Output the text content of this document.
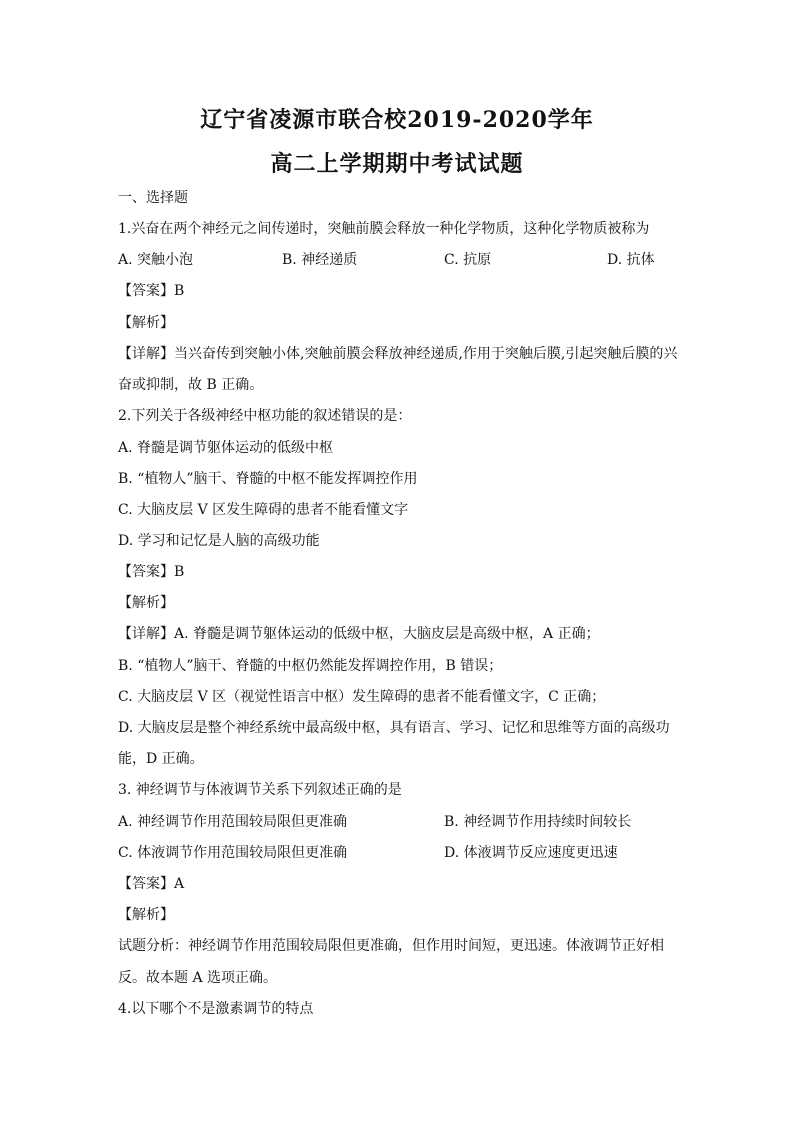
辽宁省凌源市联合校2019-2020学年
高二上学期期中考试试题
一、选择题
1.兴奋在两个神经元之间传递时，突触前膜会释放一种化学物质，这种化学物质被称为
A. 突触小泡	B. 神经递质	C. 抗原	D. 抗体
【答案】B
【解析】
【详解】当兴奋传到突触小体,突触前膜会释放神经递质,作用于突触后膜,引起突触后膜的兴
奋或抑制，故 B 正确。
2.下列关于各级神经中枢功能的叙述错误的是：
A. 脊髓是调节躯体运动的低级中枢
B. “植物人”脑干、脊髓的中枢不能发挥调控作用
C. 大脑皮层 V 区发生障碍的患者不能看懂文字
D. 学习和记忆是人脑的高级功能
【答案】B
【解析】
【详解】A. 脊髓是调节躯体运动的低级中枢，大脑皮层是高级中枢，A 正确；
B. “植物人”脑干、脊髓的中枢仍然能发挥调控作用，B 错误；
C. 大脑皮层 V 区（视觉性语言中枢）发生障碍的患者不能看懂文字，C 正确；
D. 大脑皮层是整个神经系统中最高级中枢，具有语言、学习、记忆和思维等方面的高级功
能，D 正确。
3. 神经调节与体液调节关系下列叙述正确的是
A. 神经调节作用范围较局限但更准确	B. 神经调节作用持续时间较长
C. 体液调节作用范围较局限但更准确	D. 体液调节反应速度更迅速
【答案】A
【解析】
试题分析：神经调节作用范围较局限但更准确，但作用时间短，更迅速。体液调节正好相
反。故本题 A 选项正确。
4.以下哪个不是激素调节的特点
